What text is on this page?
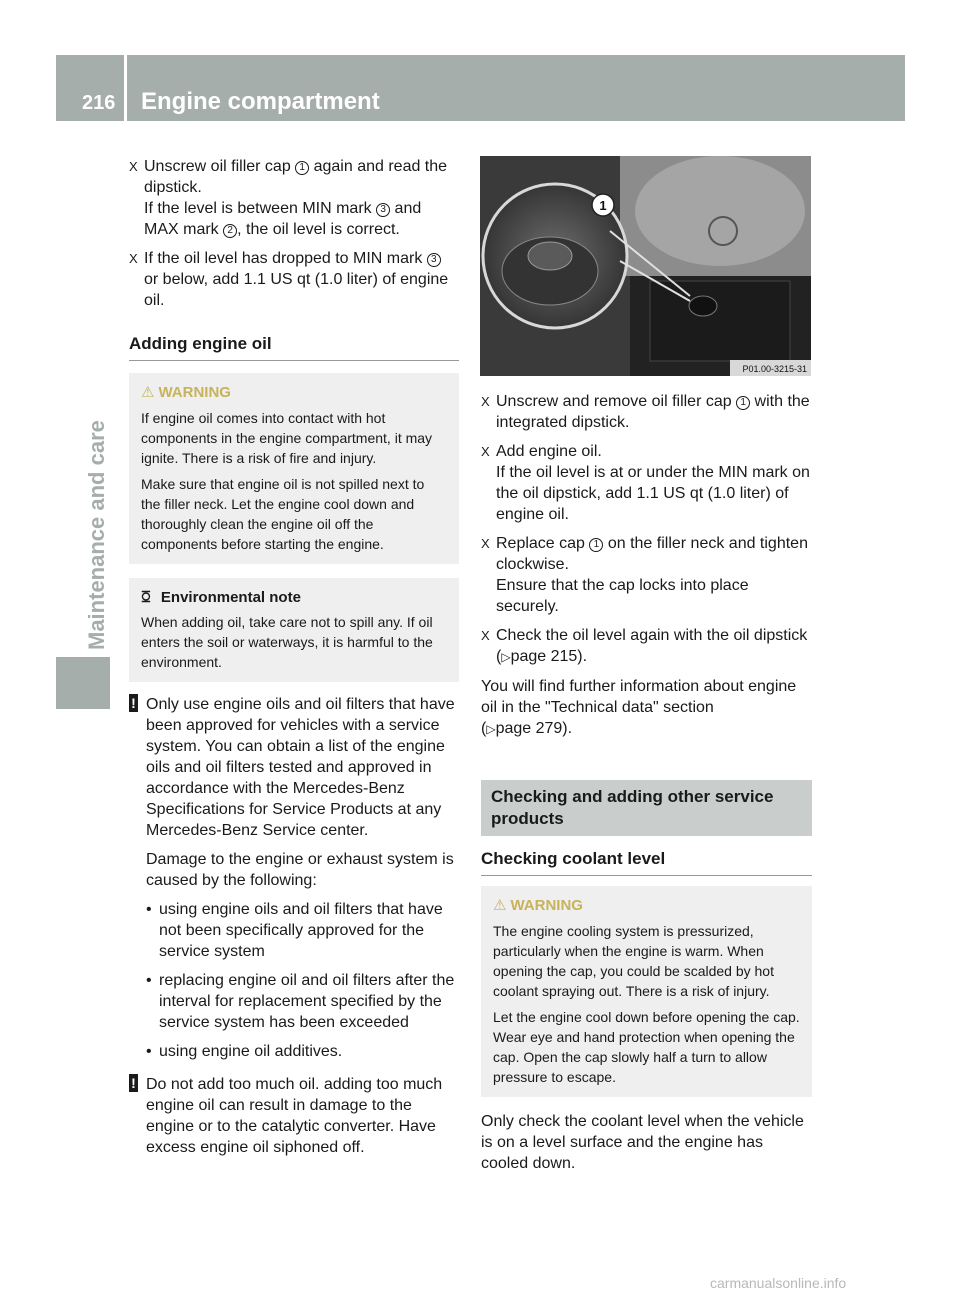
216 Engine compartment
Maintenance and care
X Unscrew oil filler cap 1 again and read the dipstick.
If the level is between MIN mark 3 and MAX mark 2 , the oil level is correct.
X If the oil level has dropped to MIN mark 3 or below, add 1.1 US qt (1.0 liter) of engine oil.
Adding engine oil
⚠ WARNING

If engine oil comes into contact with hot components in the engine compartment, it may ignite. There is a risk of fire and injury.

Make sure that engine oil is not spilled next to the filler neck. Let the engine cool down and thoroughly clean the engine oil off the components before starting the engine.

ꗞ Environmental note

When adding oil, take care not to spill any. If oil enters the soil or waterways, it is harmful to the environment.

! Only use engine oils and oil filters that have been approved for vehicles with a service system. You can obtain a list of the engine oils and oil filters tested and approved in accordance with the Mercedes-Benz Specifications for Service Products at any Mercedes-Benz Service center.

Damage to the engine or exhaust system is caused by the following:

• using engine oils and oil filters that have not been specifically approved for the service system
• replacing engine oil and oil filters after the interval for replacement specified by the service system has been exceeded
• using engine oil additives.
! Do not add too much oil. adding too much engine oil can result in damage to the engine or to the catalytic converter. Have excess engine oil siphoned off.

1
P01.00-3215-31
X Unscrew and remove oil filler cap 1 with the integrated dipstick.
X Add engine oil.
If the oil level is at or under the MIN mark on the oil dipstick, add 1.1 US qt (1.0 liter) of engine oil.
X Replace cap 1 on the filler neck and tighten clockwise.
Ensure that the cap locks into place securely.
X Check the oil level again with the oil dipstick (▷page 215).

You will find further information about engine oil in the "Technical data" section
(▷page 279).

Checking and adding other service products
Checking coolant level
⚠ WARNING

The engine cooling system is pressurized, particularly when the engine is warm. When opening the cap, you could be scalded by hot coolant spraying out. There is a risk of injury.

Let the engine cool down before opening the cap. Wear eye and hand protection when opening the cap. Open the cap slowly half a turn to allow pressure to escape.

Only check the coolant level when the vehicle is on a level surface and the engine has cooled down.

carmanualsonline.info
